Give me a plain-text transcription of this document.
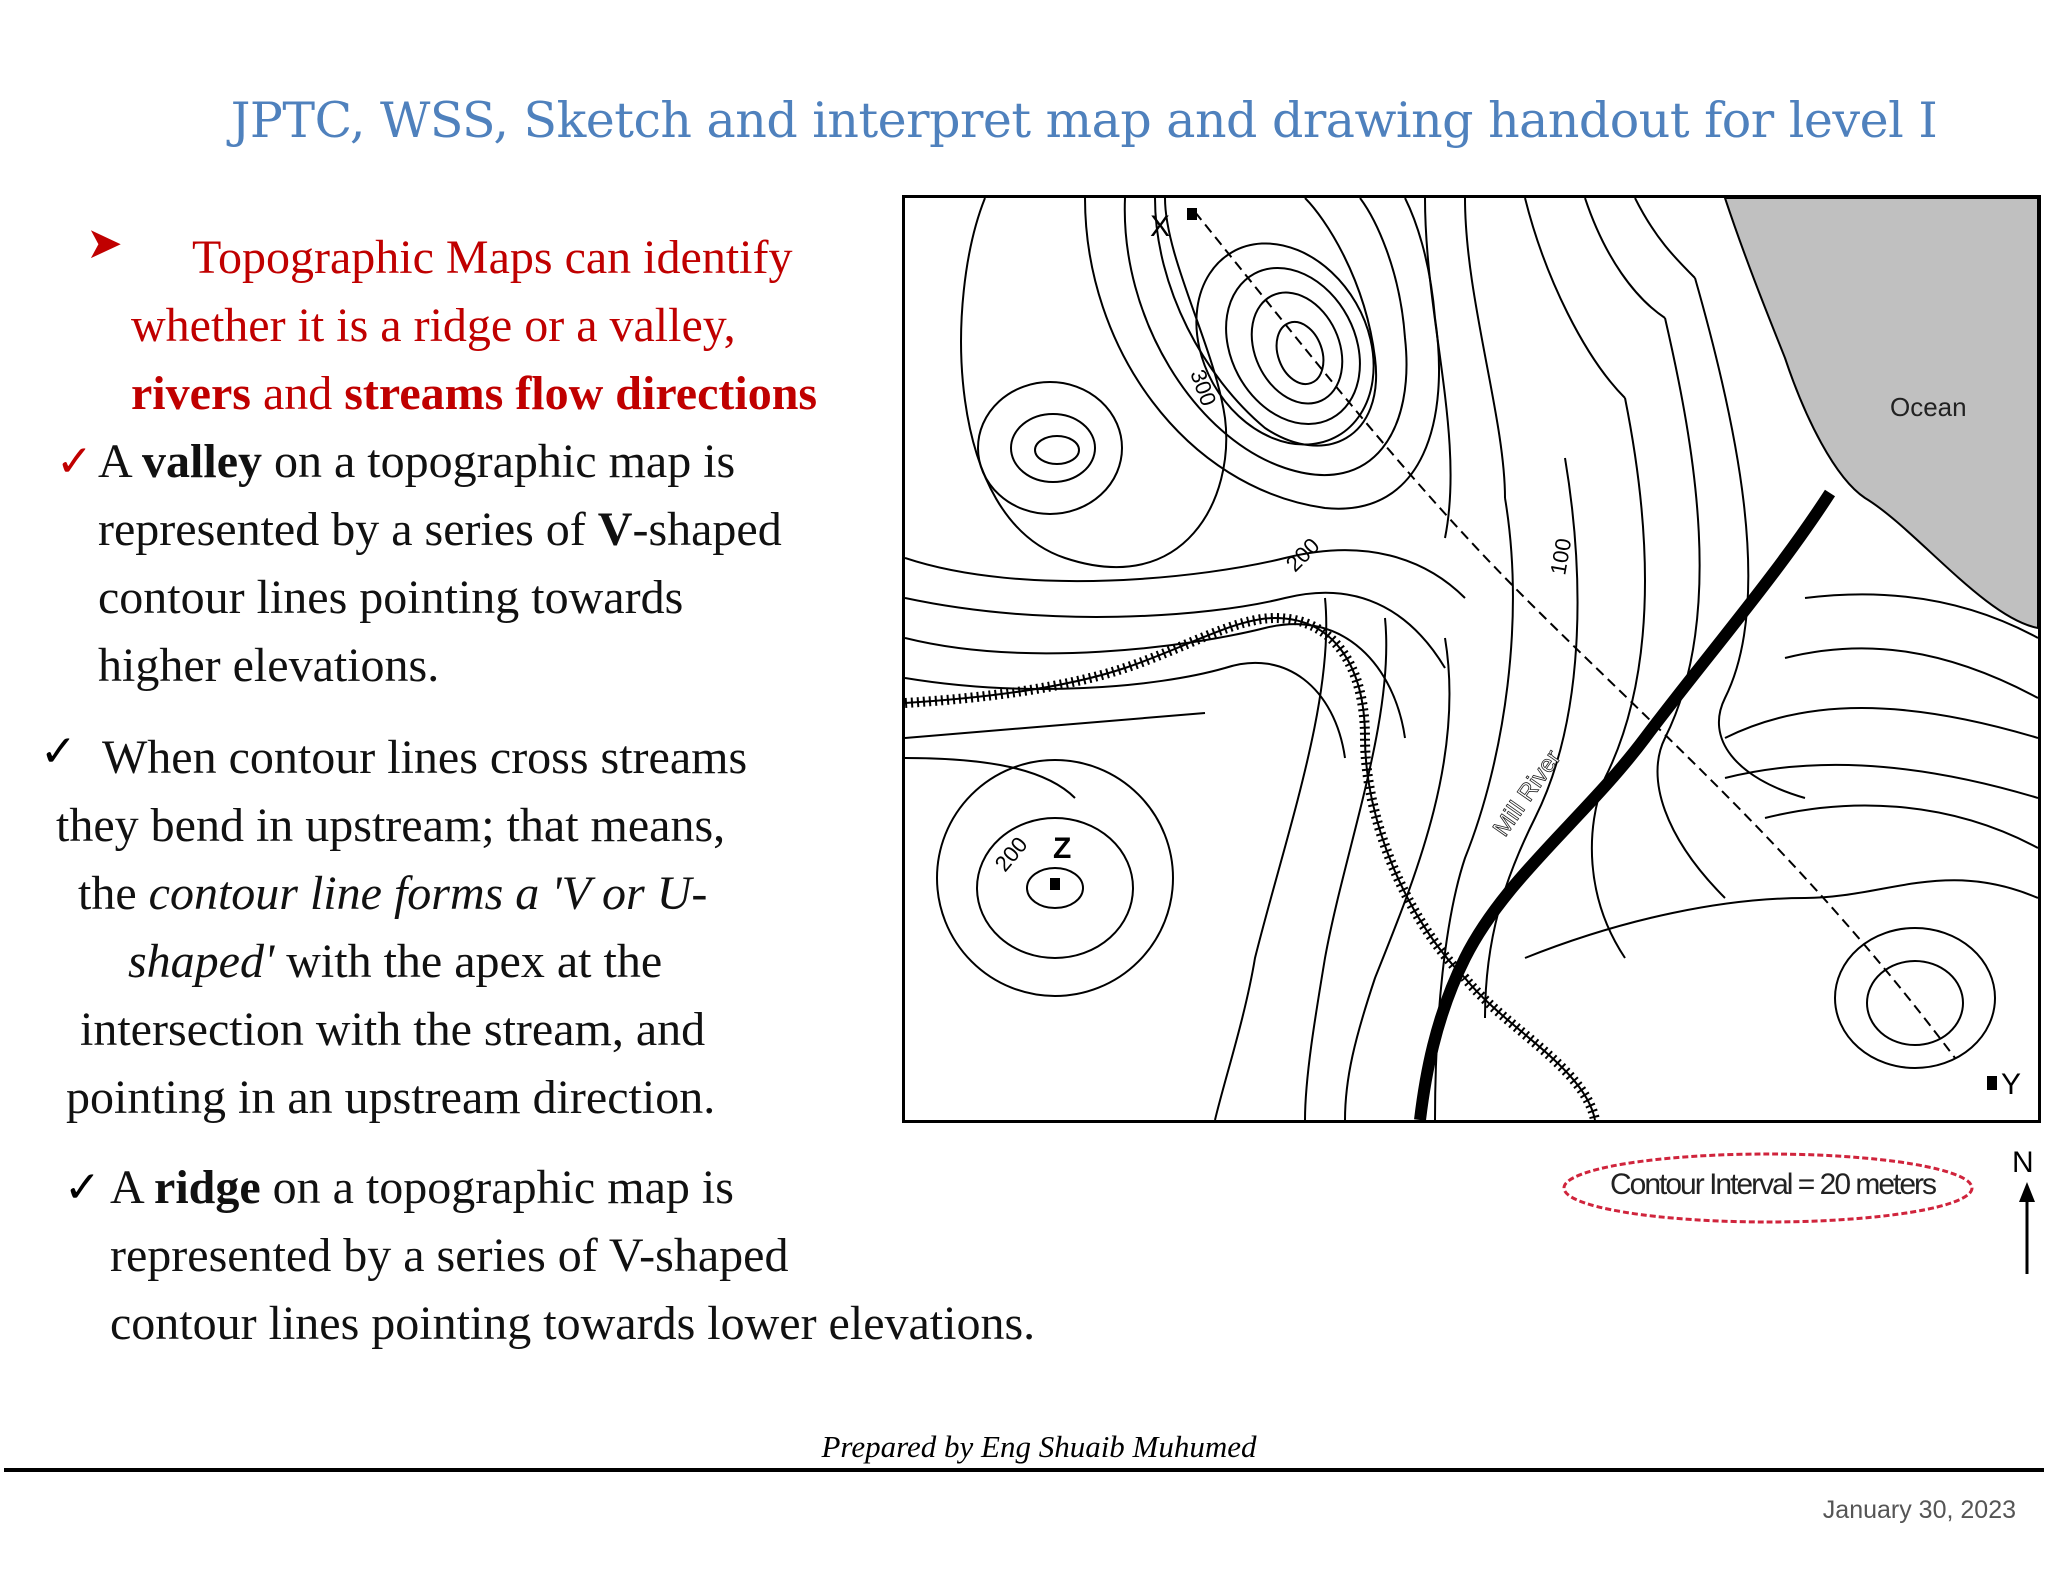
JPTC, WSS, Sketch and interpret map and drawing handout for level I
➤ Topographic Maps can identify
whether it is a ridge or a valley,
rivers and streams flow directions
✓ A valley on a topographic map is
represented by a series of V-shaped
contour lines pointing towards
higher elevations.
✓ When contour lines cross streams
they bend in upstream; that means,
the contour line forms a 'V or U-
shaped' with the apex at the
intersection with the stream, and
pointing in an upstream direction.
✓ A ridge on a topographic map is
represented by a series of V-shaped
contour lines pointing towards lower elevations.
Ocean
Mill River
X
Y
Z
300
200	100
200
Contour Interval = 20 meters
N
Prepared by Eng Shuaib Muhumed
January 30, 2023
